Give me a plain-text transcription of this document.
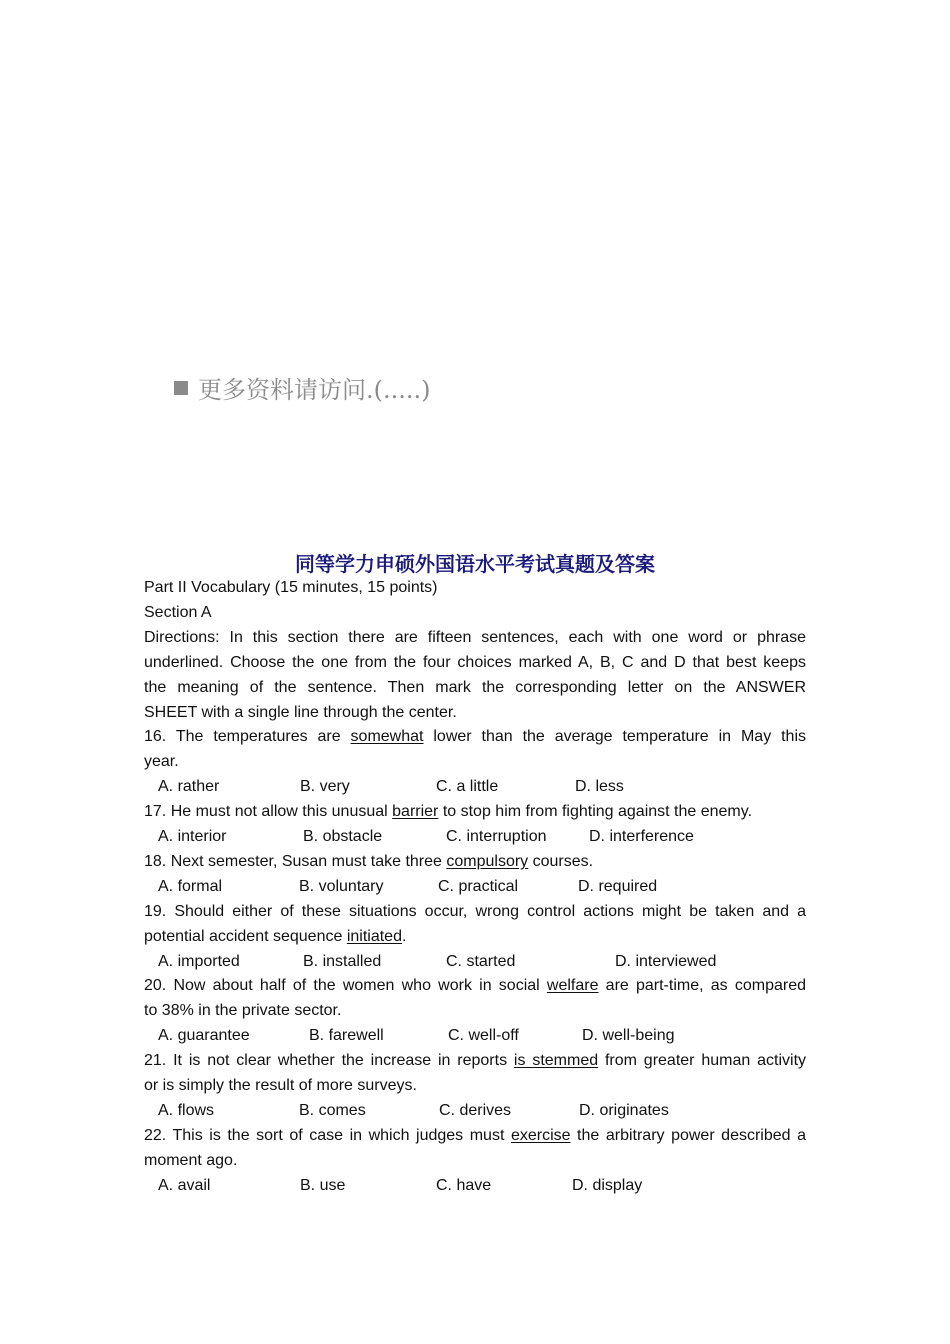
更多资料请访问.(.....)
同等学力申硕外国语水平考试真题及答案
Part II Vocabulary (15 minutes, 15 points)
Section A
Directions: In this section there are fifteen sentences, each with one word or phrase
underlined. Choose the one from the four choices marked A, B, C and D that best keeps
the meaning of the sentence. Then mark the corresponding letter on the ANSWER
SHEET with a single line through the center.
16. The temperatures are somewhat lower than the average temperature in May this
year.
A. rather	B. very	C. a little	D. less
17. He must not allow this unusual barrier to stop him from fighting against the enemy.
A. interior	B. obstacle	C. interruption	D. interference
18. Next semester, Susan must take three compulsory courses.
A. formal	B. voluntary	C. practical	D. required
19. Should either of these situations occur, wrong control actions might be taken and a
potential accident sequence initiated.
A. imported	B. installed	C. started	D. interviewed
20. Now about half of the women who work in social welfare are part-time, as compared
to 38% in the private sector.
A. guarantee	B. farewell	C. well-off	D. well-being
21. It is not clear whether the increase in reports is stemmed from greater human activity
or is simply the result of more surveys.
A. flows	B. comes	C. derives	D. originates
22. This is the sort of case in which judges must exercise the arbitrary power described a
moment ago.
A. avail	B. use	C. have	D. display
